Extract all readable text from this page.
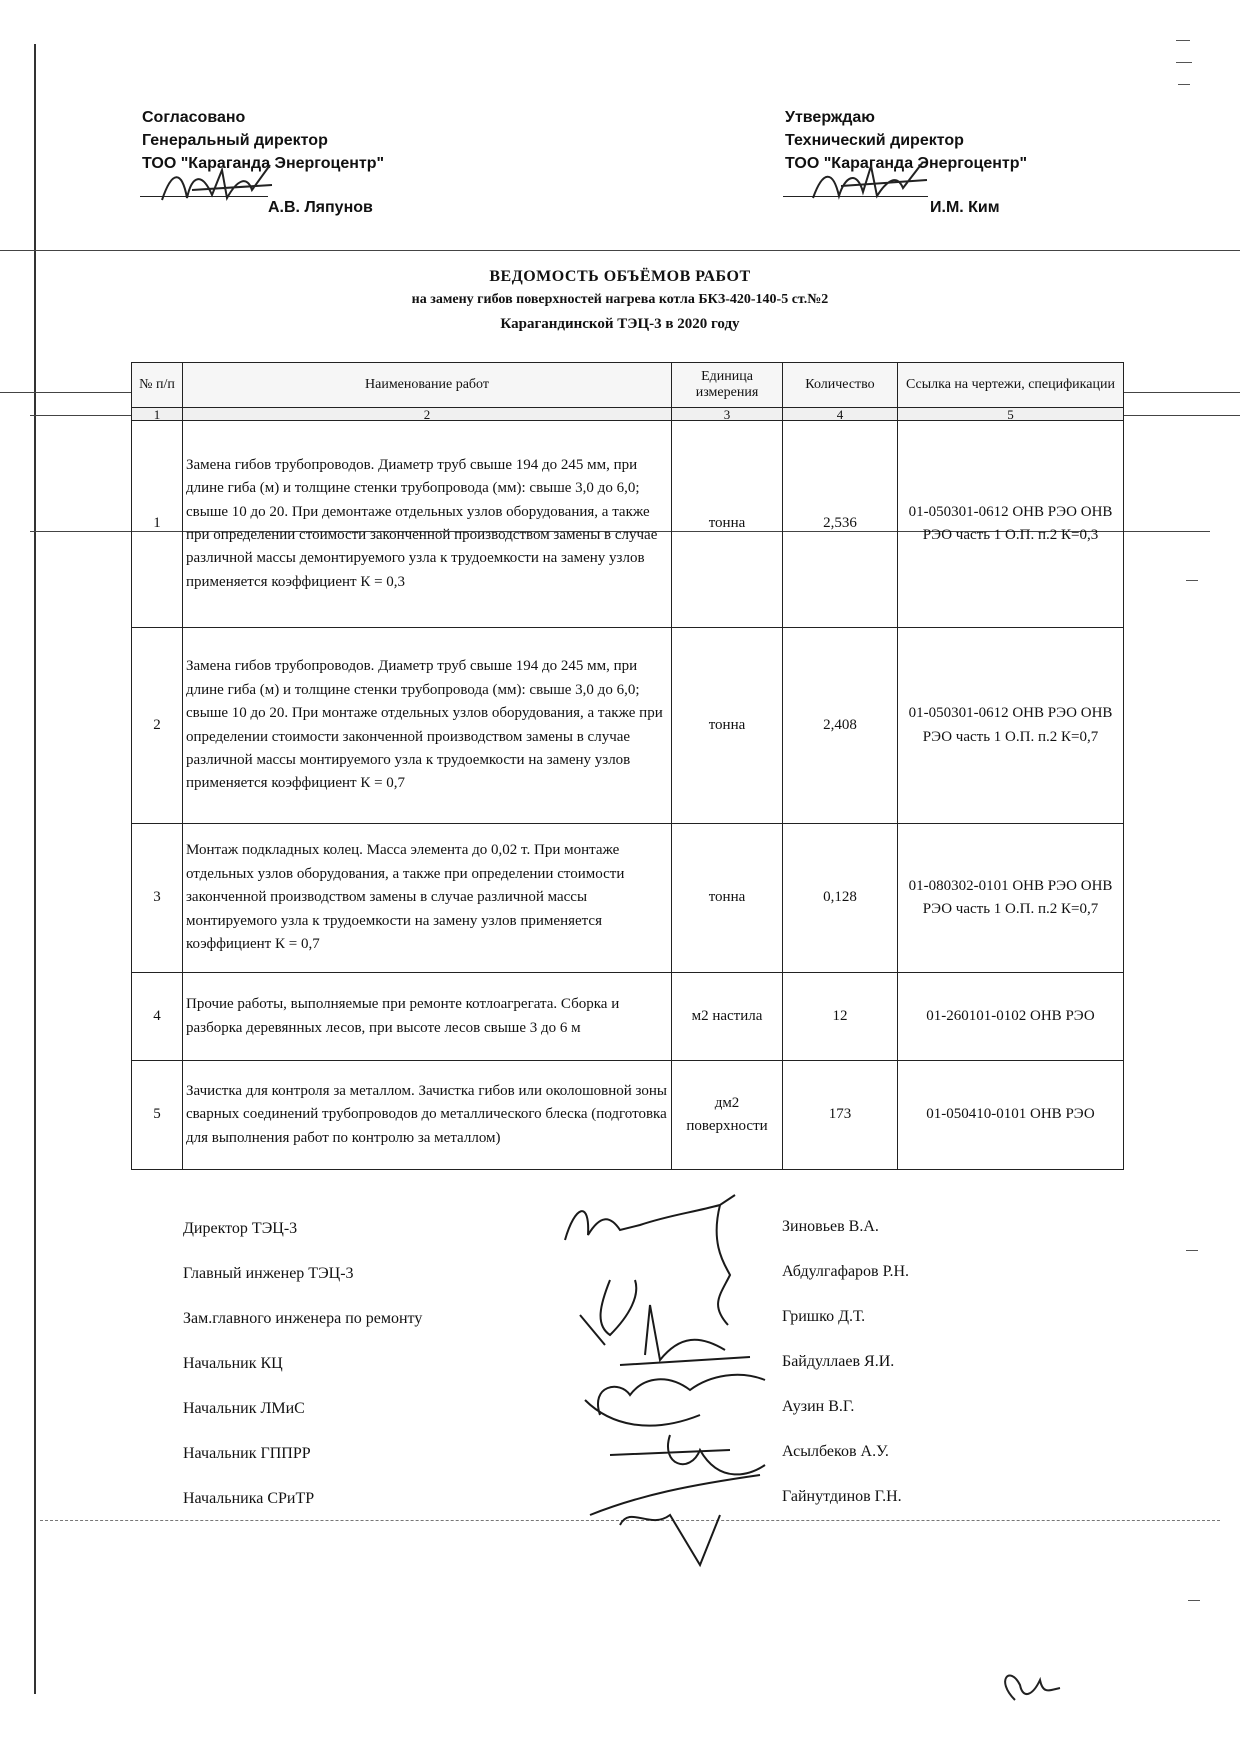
Согласовано
Генеральный директор
ТОО "Караганда Энергоцентр"
А.В. Ляпунов
Утверждаю
Технический директор
ТОО "Караганда Энергоцентр"
И.М. Ким
ВЕДОМОСТЬ ОБЪЁМОВ РАБОТ
на замену гибов поверхностей нагрева котла БКЗ-420-140-5 ст.№2
Карагандинской ТЭЦ-3 в 2020 году
№ п/п	Наименование работ	Единица измерения	Количество	Ссылка на чертежи, спецификации
1	2	3	4	5
1	Замена гибов трубопроводов. Диаметр труб свыше 194 до 245 мм, при длине гиба (м) и толщине стенки трубопровода (мм): свыше 3,0 до 6,0; свыше 10 до 20. При демонтаже отдельных узлов оборудования, а также при определении стоимости законченной производством замены в случае различной массы демонтируемого узла к трудоемкости на замену узлов применяется коэффициент К = 0,3	тонна	2,536	01-050301-0612 ОНВ РЭО ОНВ РЭО часть 1 О.П. п.2 К=0,3
2	Замена гибов трубопроводов. Диаметр труб свыше 194 до 245 мм, при длине гиба (м) и толщине стенки трубопровода (мм): свыше 3,0 до 6,0; свыше 10 до 20. При монтаже отдельных узлов оборудования, а также при определении стоимости законченной производством замены в случае различной массы монтируемого узла к трудоемкости на замену узлов применяется коэффициент К = 0,7	тонна	2,408	01-050301-0612 ОНВ РЭО ОНВ РЭО часть 1 О.П. п.2 К=0,7
3	Монтаж подкладных колец. Масса элемента до 0,02 т. При монтаже отдельных узлов оборудования, а также при определении стоимости законченной производством замены в случае различной массы монтируемого узла к трудоемкости на замену узлов применяется коэффициент К = 0,7	тонна	0,128	01-080302-0101 ОНВ РЭО ОНВ РЭО часть 1 О.П. п.2 К=0,7
4	Прочие работы, выполняемые при ремонте котлоагрегата. Сборка и разборка деревянных лесов, при высоте лесов свыше 3 до 6 м	м2 настила	12	01-260101-0102 ОНВ РЭО
5	Зачистка для контроля за металлом. Зачистка гибов или околошовной зоны сварных соединений трубопроводов до металлического блеска (подготовка для выполнения работ по контролю за металлом)	дм2 поверхности	173	01-050410-0101 ОНВ РЭО
Директор ТЭЦ-3	Зиновьев В.А.
Главный инженер ТЭЦ-3	Абдулгафаров Р.Н.
Зам.главного инженера по ремонту	Гришко Д.Т.
Начальник КЦ	Байдуллаев Я.И.
Начальник ЛМиС	Аузин В.Г.
Начальник ГППРР	Асылбеков А.У.
Начальника СРиТР	Гайнутдинов Г.Н.
